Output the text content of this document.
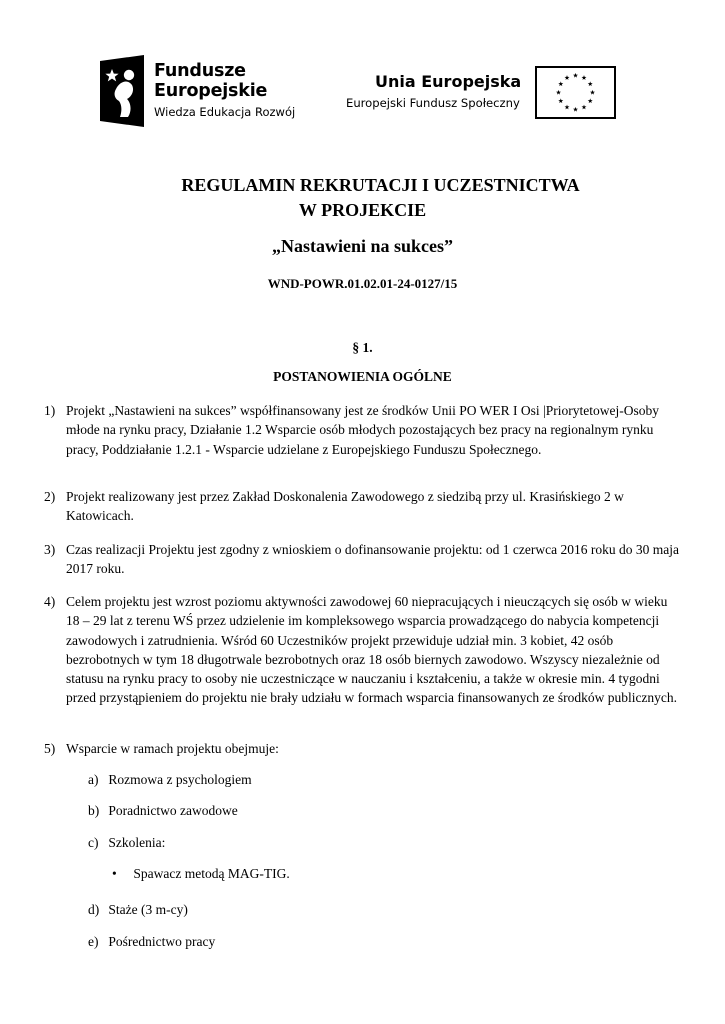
Fundusze
Europejskie
Wiedza Edukacja Rozwój
Unia Europejska
Europejski Fundusz Społeczny
REGULAMIN REKRUTACJI I UCZESTNICTWA
W PROJEKCIE
„Nastawieni na sukces”
WND-POWR.01.02.01-24-0127/15
§ 1.
POSTANOWIENIA OGÓLNE
1) Projekt „Nastawieni na sukces” współfinansowany jest ze środków Unii PO WER I Osi |Priorytetowej-Osoby młode na rynku pracy, Działanie 1.2 Wsparcie osób młodych pozostających bez pracy na regionalnym rynku pracy, Poddziałanie 1.2.1 - Wsparcie udzielane z Europejskiego Funduszu Społecznego.
2) Projekt realizowany jest przez Zakład Doskonalenia Zawodowego z siedzibą przy ul. Krasińskiego 2 w Katowicach.
3) Czas realizacji Projektu jest zgodny z wnioskiem o dofinansowanie projektu: od 1 czerwca 2016 roku do 30 maja 2017 roku.
4) Celem projektu jest wzrost poziomu aktywności zawodowej 60 niepracujących i nieuczących się osób w wieku 18 – 29 lat z terenu WŚ przez udzielenie im kompleksowego wsparcia prowadzącego do nabycia kompetencji zawodowych i zatrudnienia. Wśród 60 Uczestników projekt przewiduje udział min. 3 kobiet, 42 osób bezrobotnych w tym 18 długotrwale bezrobotnych oraz 18 osób biernych zawodowo. Wszyscy niezależnie od statusu na rynku pracy to osoby nie uczestniczące w nauczaniu i kształceniu, a także w okresie min. 4 tygodni przed przystąpieniem do projektu nie brały udziału w formach wsparcia finansowanych ze środków publicznych.
5) Wsparcie w ramach projektu obejmuje:
a) Rozmowa z psychologiem
b) Poradnictwo zawodowe
c) Szkolenia:
• Spawacz metodą MAG-TIG.
d) Staże (3 m-cy)
e) Pośrednictwo pracy
